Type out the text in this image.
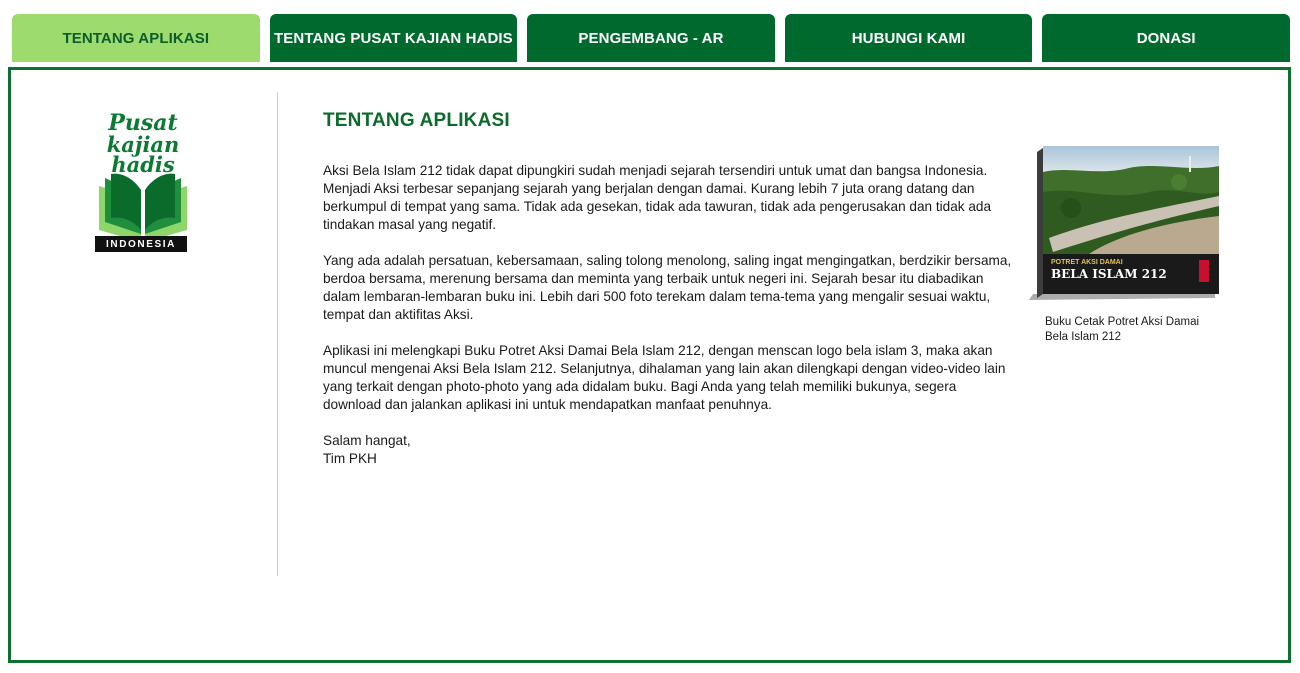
TENTANG APLIKASI	TENTANG PUSAT KAJIAN HADIS	PENGEMBANG - AR	HUBUNGI KAMI	DONASI
Pusat
kajian
hadis
INDONESIA
TENTANG APLIKASI

Aksi Bela Islam 212 tidak dapat dipungkiri sudah menjadi sejarah tersendiri untuk umat dan bangsa Indonesia. Menjadi Aksi terbesar sepanjang sejarah yang berjalan dengan damai. Kurang lebih 7 juta orang datang dan berkumpul di tempat yang sama. Tidak ada gesekan, tidak ada tawuran, tidak ada pengerusakan dan tidak ada tindakan masal yang negatif.

Yang ada adalah persatuan, kebersamaan, saling tolong menolong, saling ingat mengingatkan, berdzikir bersama, berdoa bersama, merenung bersama dan meminta yang terbaik untuk negeri ini. Sejarah besar itu diabadikan dalam lembaran-lembaran buku ini. Lebih dari 500 foto terekam dalam tema-tema yang mengalir sesuai waktu, tempat dan aktifitas Aksi.

Aplikasi ini melengkapi Buku Potret Aksi Damai Bela Islam 212, dengan menscan logo bela islam 3, maka akan muncul mengenai Aksi Bela Islam 212. Selanjutnya, dihalaman yang lain akan dilengkapi dengan video-video lain yang terkait dengan photo-photo yang ada didalam buku. Bagi Anda yang telah memiliki bukunya, segera download dan jalankan aplikasi ini untuk mendapatkan manfaat penuhnya.

Salam hangat,
Tim PKH
POTRET AKSI DAMAI
BELA ISLAM 212
Buku Cetak Potret Aksi Damai Bela Islam 212
